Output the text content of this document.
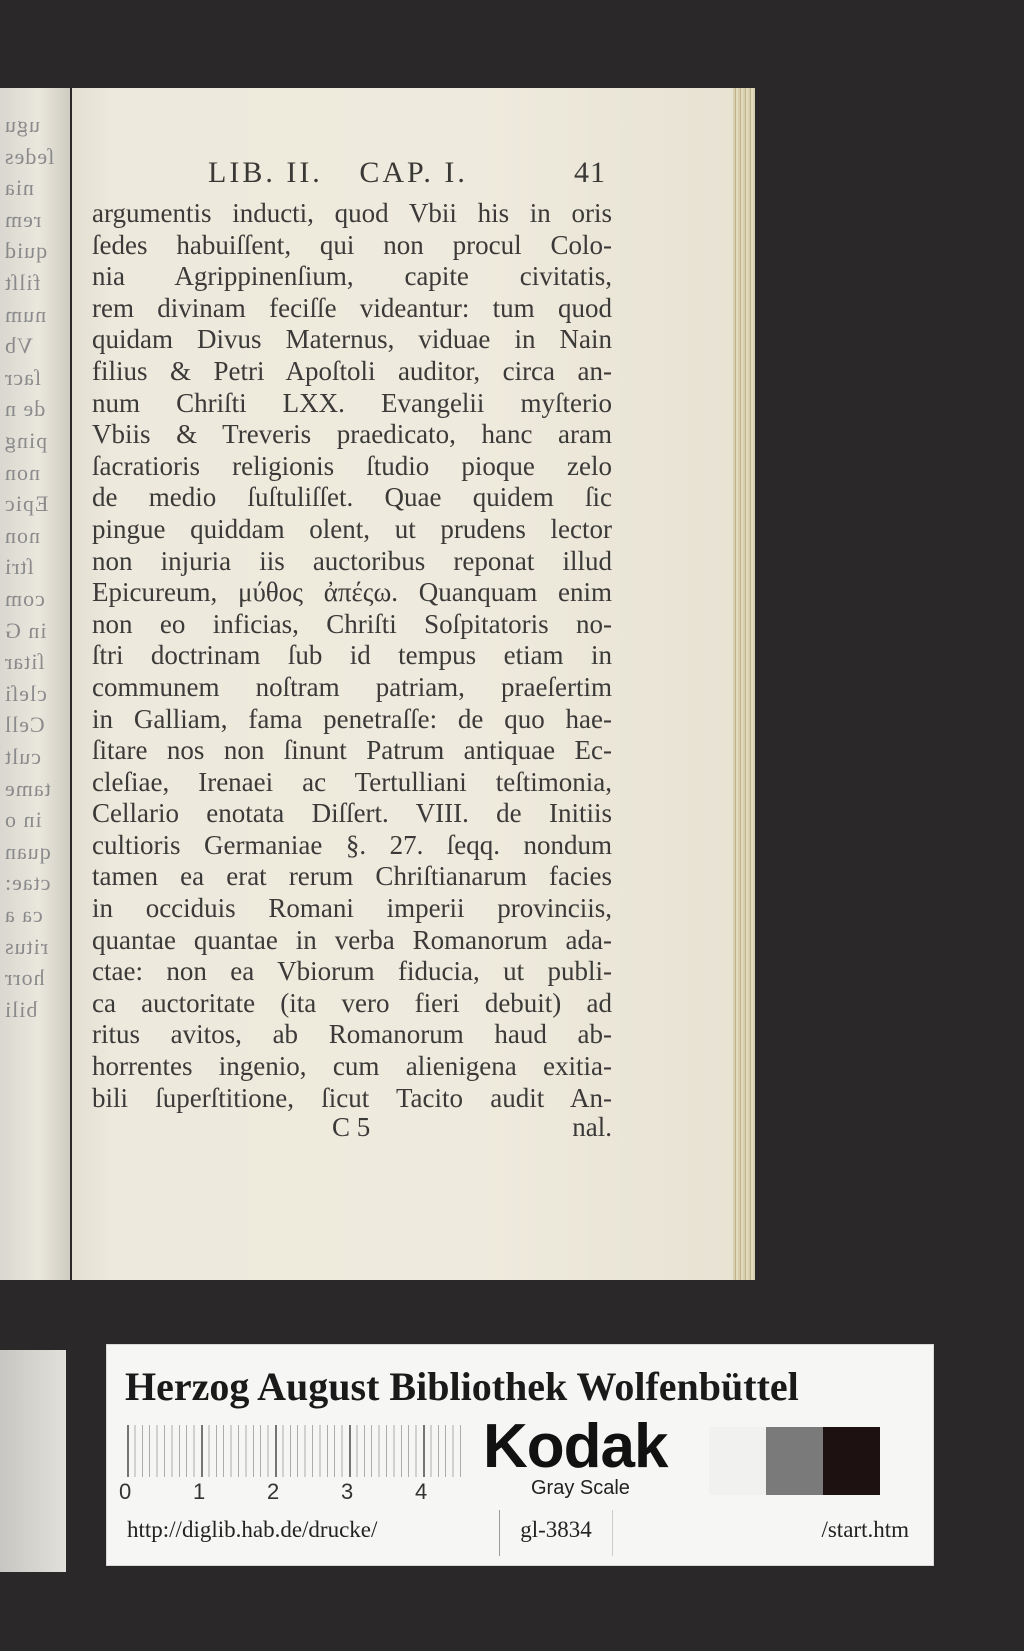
ugu
ſedes
nia
rem
quid
filſt
num
Vb
ſacr
de n
ping
non
Epic
non
ſtri
com
in G
ſitar
cleſi
Cell
cult
tame
in o
quan
ctae:
ca a
ritus
horr
bili
LIB. II. CAP. I.	41
argumentis inducti, quod Vbii his in oris
ſedes habuiſſent, qui non procul Colo-
nia Agrippinenſium, capite civitatis,
rem divinam feciſſe videantur: tum quod
quidam Divus Maternus, viduae in Nain
filius & Petri Apoſtoli auditor, circa an-
num Chriſti LXX. Evangelii myſterio
Vbiis & Treveris praedicato, hanc aram
ſacratioris religionis ſtudio pioque zelo
de medio ſuſtuliſſet. Quae quidem ſic
pingue quiddam olent, ut prudens lector
non injuria iis auctoribus reponat illud
Epicureum, μύθος ἀπέςω. Quanquam enim
non eo inficias, Chriſti Soſpitatoris no-
ſtri doctrinam ſub id tempus etiam in
communem noſtram patriam, praeſertim
in Galliam, fama penetraſſe: de quo hae-
ſitare nos non ſinunt Patrum antiquae Ec-
cleſiae, Irenaei ac Tertulliani teſtimonia,
Cellario enotata Diſſert. VIII. de Initiis
cultioris Germaniae §. 27. ſeqq. nondum
tamen ea erat rerum Chriſtianarum facies
in occiduis Romani imperii provinciis,
quantae quantae in verba Romanorum ada-
ctae: non ea Vbiorum fiducia, ut publi-
ca auctoritate (ita vero fieri debuit) ad
ritus avitos, ab Romanorum haud ab-
horrentes ingenio, cum alienigena exitia-
bili ſuperſtitione, ſicut Tacito audit An-
C 5	nal.
Herzog August Bibliothek Wolfenbüttel
0	1	2	3	4
Kodak
Gray Scale
http://diglib.hab.de/drucke/	gl-3834	/start.htm
